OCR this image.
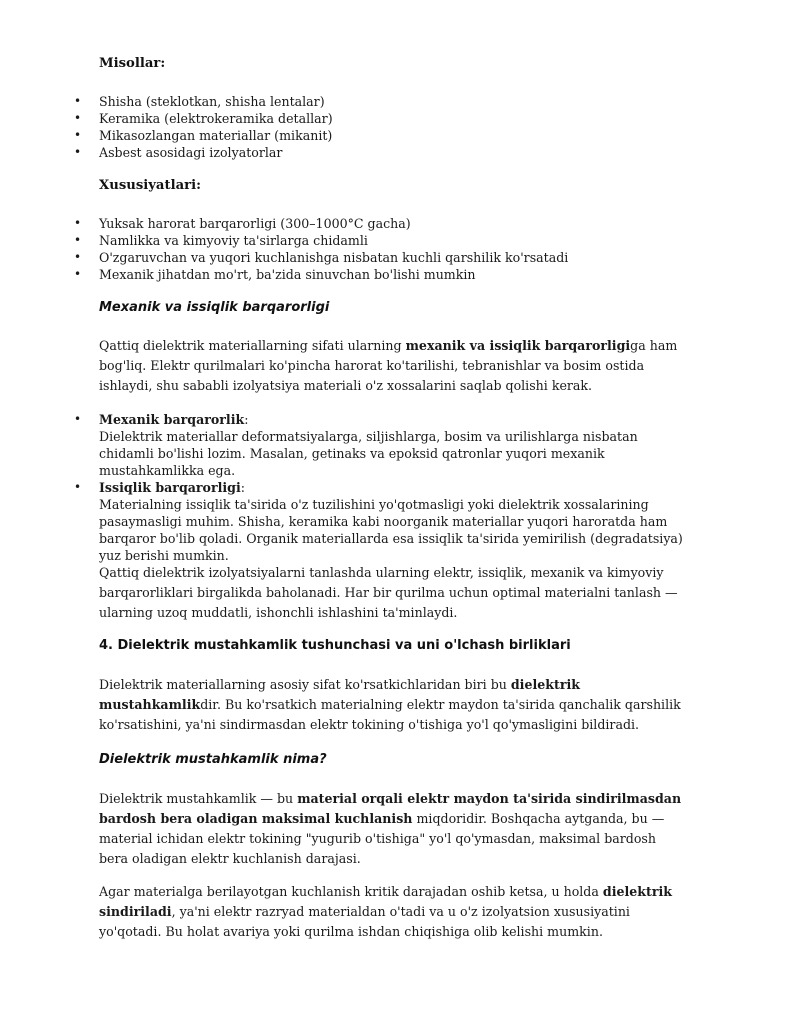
Misollar:
• Shisha (steklotkan, shisha lentalar)
• Keramika (elektrokeramika detallar)
• Mikasozlangan materiallar (mikanit)
• Asbest asosidagi izolyatorlar
Xususiyatlari:
• Yuksak harorat barqarorligi (300–1000°C gacha)
• Namlikka va kimyoviy ta'sirlarga chidamli
• O'zgaruvchan va yuqori kuchlanishga nisbatan kuchli qarshilik ko'rsatadi
• Mexanik jihatdan mo'rt, ba'zida sinuvchan bo'lishi mumkin
Mexanik va issiqlik barqarorligi

Qattiq dielektrik materiallarning sifati ularning mexanik va issiqlik barqarorligiga ham bog'liq. Elektr qurilmalari ko'pincha harorat ko'tarilishi, tebranishlar va bosim ostida ishlaydi, shu sababli izolyatsiya materiali o'z xossalarini saqlab qolishi kerak.

• Mexanik barqarorlik:
Dielektrik materiallar deformatsiyalarga, siljishlarga, bosim va urilishlarga nisbatan chidamli bo'lishi lozim. Masalan, getinaks va epoksid qatronlar yuqori mexanik mustahkamlikka ega.
• Issiqlik barqarorligi:
Materialning issiqlik ta'sirida o'z tuzilishini yo'qotmasligi yoki dielektrik xossalarining pasaymasligi muhim. Shisha, keramika kabi noorganik materiallar yuqori haroratda ham barqaror bo'lib qoladi. Organik materiallarda esa issiqlik ta'sirida yemirilish (degradatsiya) yuz berishi mumkin.

Qattiq dielektrik izolyatsiyalarni tanlashda ularning elektr, issiqlik, mexanik va kimyoviy barqarorliklari birgalikda baholanadi. Har bir qurilma uchun optimal materialni tanlash — ularning uzoq muddatli, ishonchli ishlashini ta'minlaydi.

4. Dielektrik mustahkamlik tushunchasi va uni o'lchash birliklari

Dielektrik materiallarning asosiy sifat ko'rsatkichlaridan biri bu dielektrik mustahkamlikdir. Bu ko'rsatkich materialning elektr maydon ta'sirida qanchalik qarshilik ko'rsatishini, ya'ni sindirmasdan elektr tokining o'tishiga yo'l qo'ymasligini bildiradi.

Dielektrik mustahkamlik nima?

Dielektrik mustahkamlik — bu material orqali elektr maydon ta'sirida sindirilmasdan bardosh bera oladigan maksimal kuchlanish miqdoridir. Boshqacha aytganda, bu — material ichidan elektr tokining "yugurib o'tishiga" yo'l qo'ymasdan, maksimal bardosh bera oladigan elektr kuchlanish darajasi.

Agar materialga berilayotgan kuchlanish kritik darajadan oshib ketsa, u holda dielektrik sindiriladi, ya'ni elektr razryad materialdan o'tadi va u o'z izolyatsion xususiyatini yo'qotadi. Bu holat avariya yoki qurilma ishdan chiqishiga olib kelishi mumkin.
